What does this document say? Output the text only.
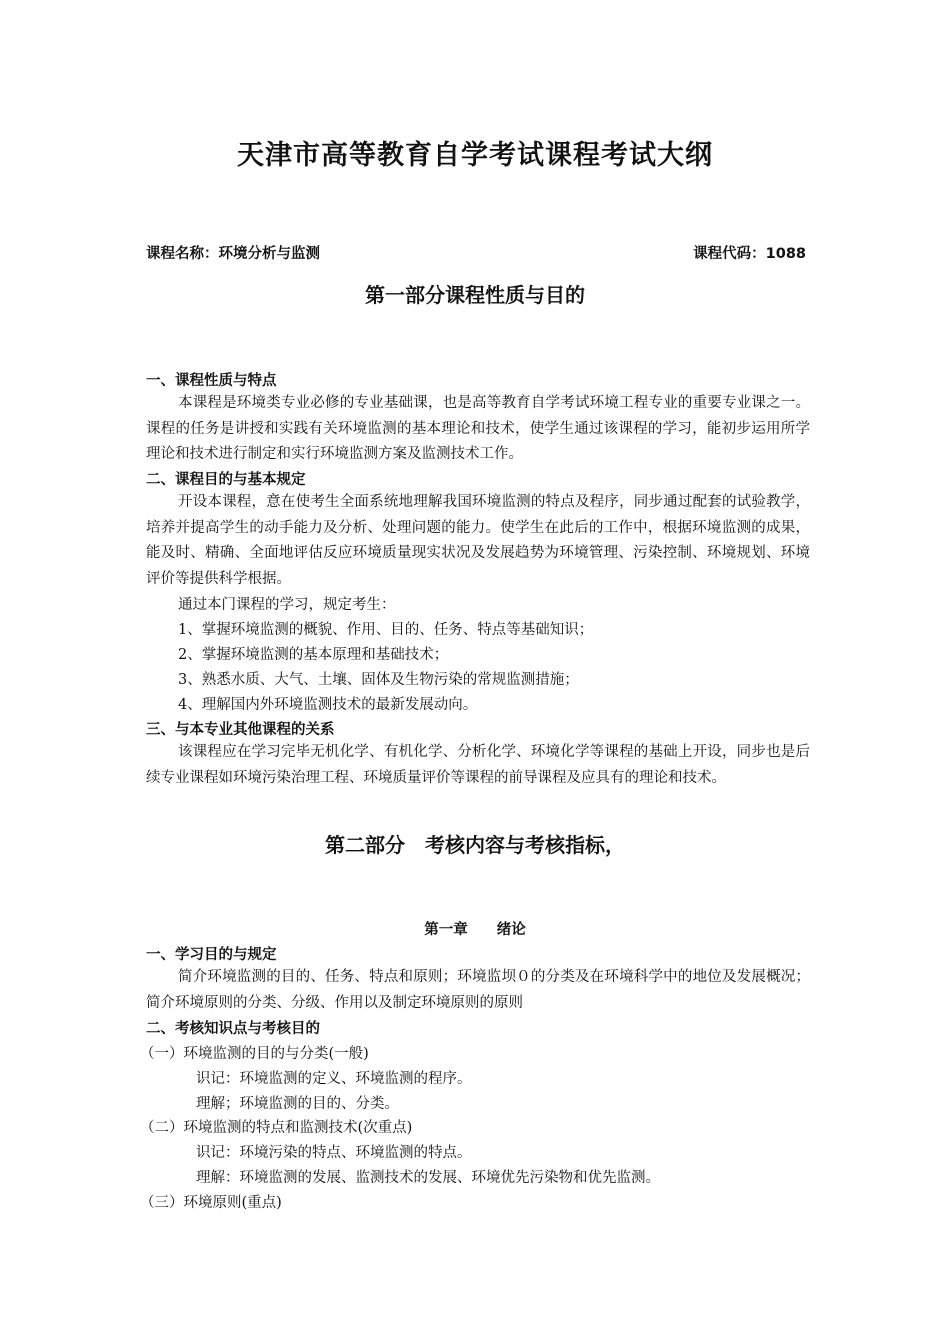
天津市高等教育自学考试课程考试大纲
课程名称：环境分析与监测	课程代码：1088
第一部分课程性质与目的
一、课程性质与特点
本课程是环境类专业必修的专业基础课，也是高等教育自学考试环境工程专业的重要专业课之一。课程的任务是讲授和实践有关环境监测的基本理论和技术，使学生通过该课程的学习，能初步运用所学理论和技术进行制定和实行环境监测方案及监测技术工作。
二、课程目的与基本规定
开设本课程，意在使考生全面系统地理解我国环境监测的特点及程序，同步通过配套的试验教学，培养并提高学生的动手能力及分析、处理问题的能力。使学生在此后的工作中，根据环境监测的成果，能及时、精确、全面地评估反应环境质量现实状况及发展趋势为环境管理、污染控制、环境规划、环境评价等提供科学根据。
通过本门课程的学习，规定考生：
1、掌握环境监测的概貌、作用、目的、任务、特点等基础知识；
2、掌握环境监测的基本原理和基础技术；
3、熟悉水质、大气、土壤、固体及生物污染的常规监测措施；
4、理解国内外环境监测技术的最新发展动向。
三、与本专业其他课程的关系
该课程应在学习完毕无机化学、有机化学、分析化学、环境化学等课程的基础上开设，同步也是后续专业课程如环境污染治理工程、环境质量评价等课程的前导课程及应具有的理论和技术。
第二部分　考核内容与考核指标，
第一章　　绪论
一、学习目的与规定
简介环境监测的目的、任务、特点和原则；环境监坝０的分类及在环境科学中的地位及发展概况；简介环境原则的分类、分级、作用以及制定环境原则的原则
二、考核知识点与考核目的
（一）环境监测的目的与分类(一般)
识记：环境监测的定义、环境监测的程序。
理解；环境监测的目的、分类。
（二）环境监测的特点和监测技术(次重点)
识记：环境污染的特点、环境监测的特点。
理解：环境监测的发展、监测技术的发展、环境优先污染物和优先监测。
（三）环境原则(重点)
